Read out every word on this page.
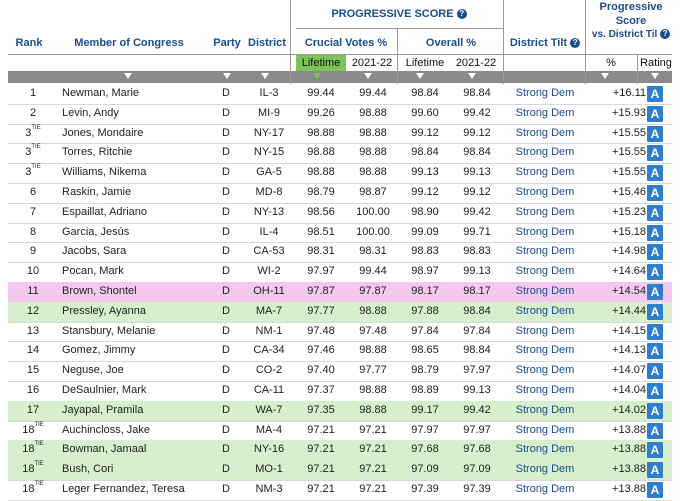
PROGRESSIVE SCORE ?
Progressive
Score
vs. District Til ?
Rank	Member of Congress	Party District	Crucial Votes %	Overall %	District Tilt ?
Lifetime	2021-22	Lifetime	2021-22	%	Rating
1	Newman, Marie	D	IL-3	99.44	99.44	98.84	98.84	Strong Dem	+16.11 A
2	Levin, Andy	D	MI-9	99.26	98.88	99.60	99.42	Strong Dem	+15.93 A
$3^{TIE}$	Jones, Mondaire	D	NY-17	98.88	98.88	99.12	99.12	Strong Dem	+15.55 A
$3^{TIE}$	Torres, Ritchie	D	NY-15	98.88	98.88	98.84	98.84	Strong Dem	+15.55 A
$3^{TIE}$	Williams, Nikema	D	GA-5	98.88	98.88	99.13	99.13	Strong Dem	+15.55 A
6	Raskin, Jamie	D	MD-8	98.79	98.87	99.12	99.12	Strong Dem	+15.46 A
7	Espaillat, Adriano	D	NY-13	98.56	100.00	98.90	99.42	Strong Dem	+15.23 A
8	Garcia, Jesús	D	IL-4	98.51	100.00	99.09	99.71	Strong Dem	+15.18 A
9	Jacobs, Sara	D	CA-53	98.31	98.31	98.83	98.83	Strong Dem	+14.98 A
10	Pocan, Mark	D	WI-2	97.97	99.44	98.97	99.13	Strong Dem	+14.64 A
11	Brown, Shontel	D	OH-11	97.87	97.87	98.17	98.17	Strong Dem	+14.54 A
12	Pressley, Ayanna	D	MA-7	97.77	98.88	97.88	98.84	Strong Dem	+14.44 A
13	Stansbury, Melanie	D	NM-1	97.48	97.48	97.84	97.84	Strong Dem	+14.15 A
14	Gomez, Jimmy	D	CA-34	97.46	98.88	98.65	98.84	Strong Dem	+14.13 A
15	Neguse, Joe	D	CO-2	97.40	97.77	98.79	97.97	Strong Dem	+14.07 A
16	DeSaulnier, Mark	D	CA-11	97.37	98.88	98.89	99.13	Strong Dem	+14.04 A
17	Jayapal, Pramila	D	WA-7	97.35	98.88	99.17	99.42	Strong Dem	+14.02 A
$18^{TIE}$	Auchincloss, Jake	D	MA-4	97.21	97.21	97.97	97.97	Strong Dem	+13.88 A
$18^{TIE}$	Bowman, Jamaal	D	NY-16	97.21	97.21	97.68	97.68	Strong Dem	+13.88 A
$18^{TIE}$	Bush, Cori	D	MO-1	97.21	97.21	97.09	97.09	Strong Dem	+13.88 A
$18^{TIE}$	Leger Fernandez, Teresa	D	NM-3	97.21	97.21	97.39	97.39	Strong Dem	+13.88 A
